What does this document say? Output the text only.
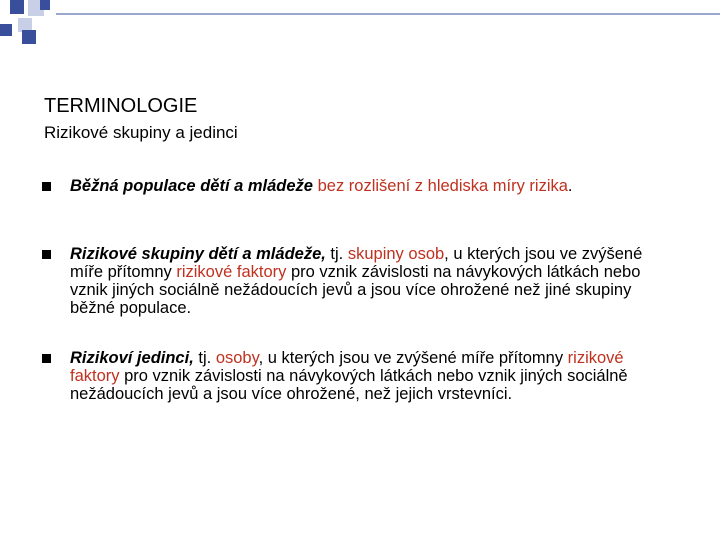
TERMINOLOGIE
Rizikové skupiny a jedinci
Běžná populace dětí a mládeže bez rozlišení z hlediska míry rizika.
Rizikové skupiny dětí a mládeže, tj. skupiny osob, u kterých jsou ve zvýšené míře přítomny rizikové faktory pro vznik závislosti na návykových látkách nebo vznik jiných sociálně nežádoucích jevů a jsou více ohrožené než jiné skupiny běžné populace.
Rizikoví jedinci, tj. osoby, u kterých jsou ve zvýšené míře přítomny rizikové faktory pro vznik závislosti na návykových látkách nebo vznik jiných sociálně nežádoucích jevů a jsou více ohrožené, než jejich vrstevníci.
